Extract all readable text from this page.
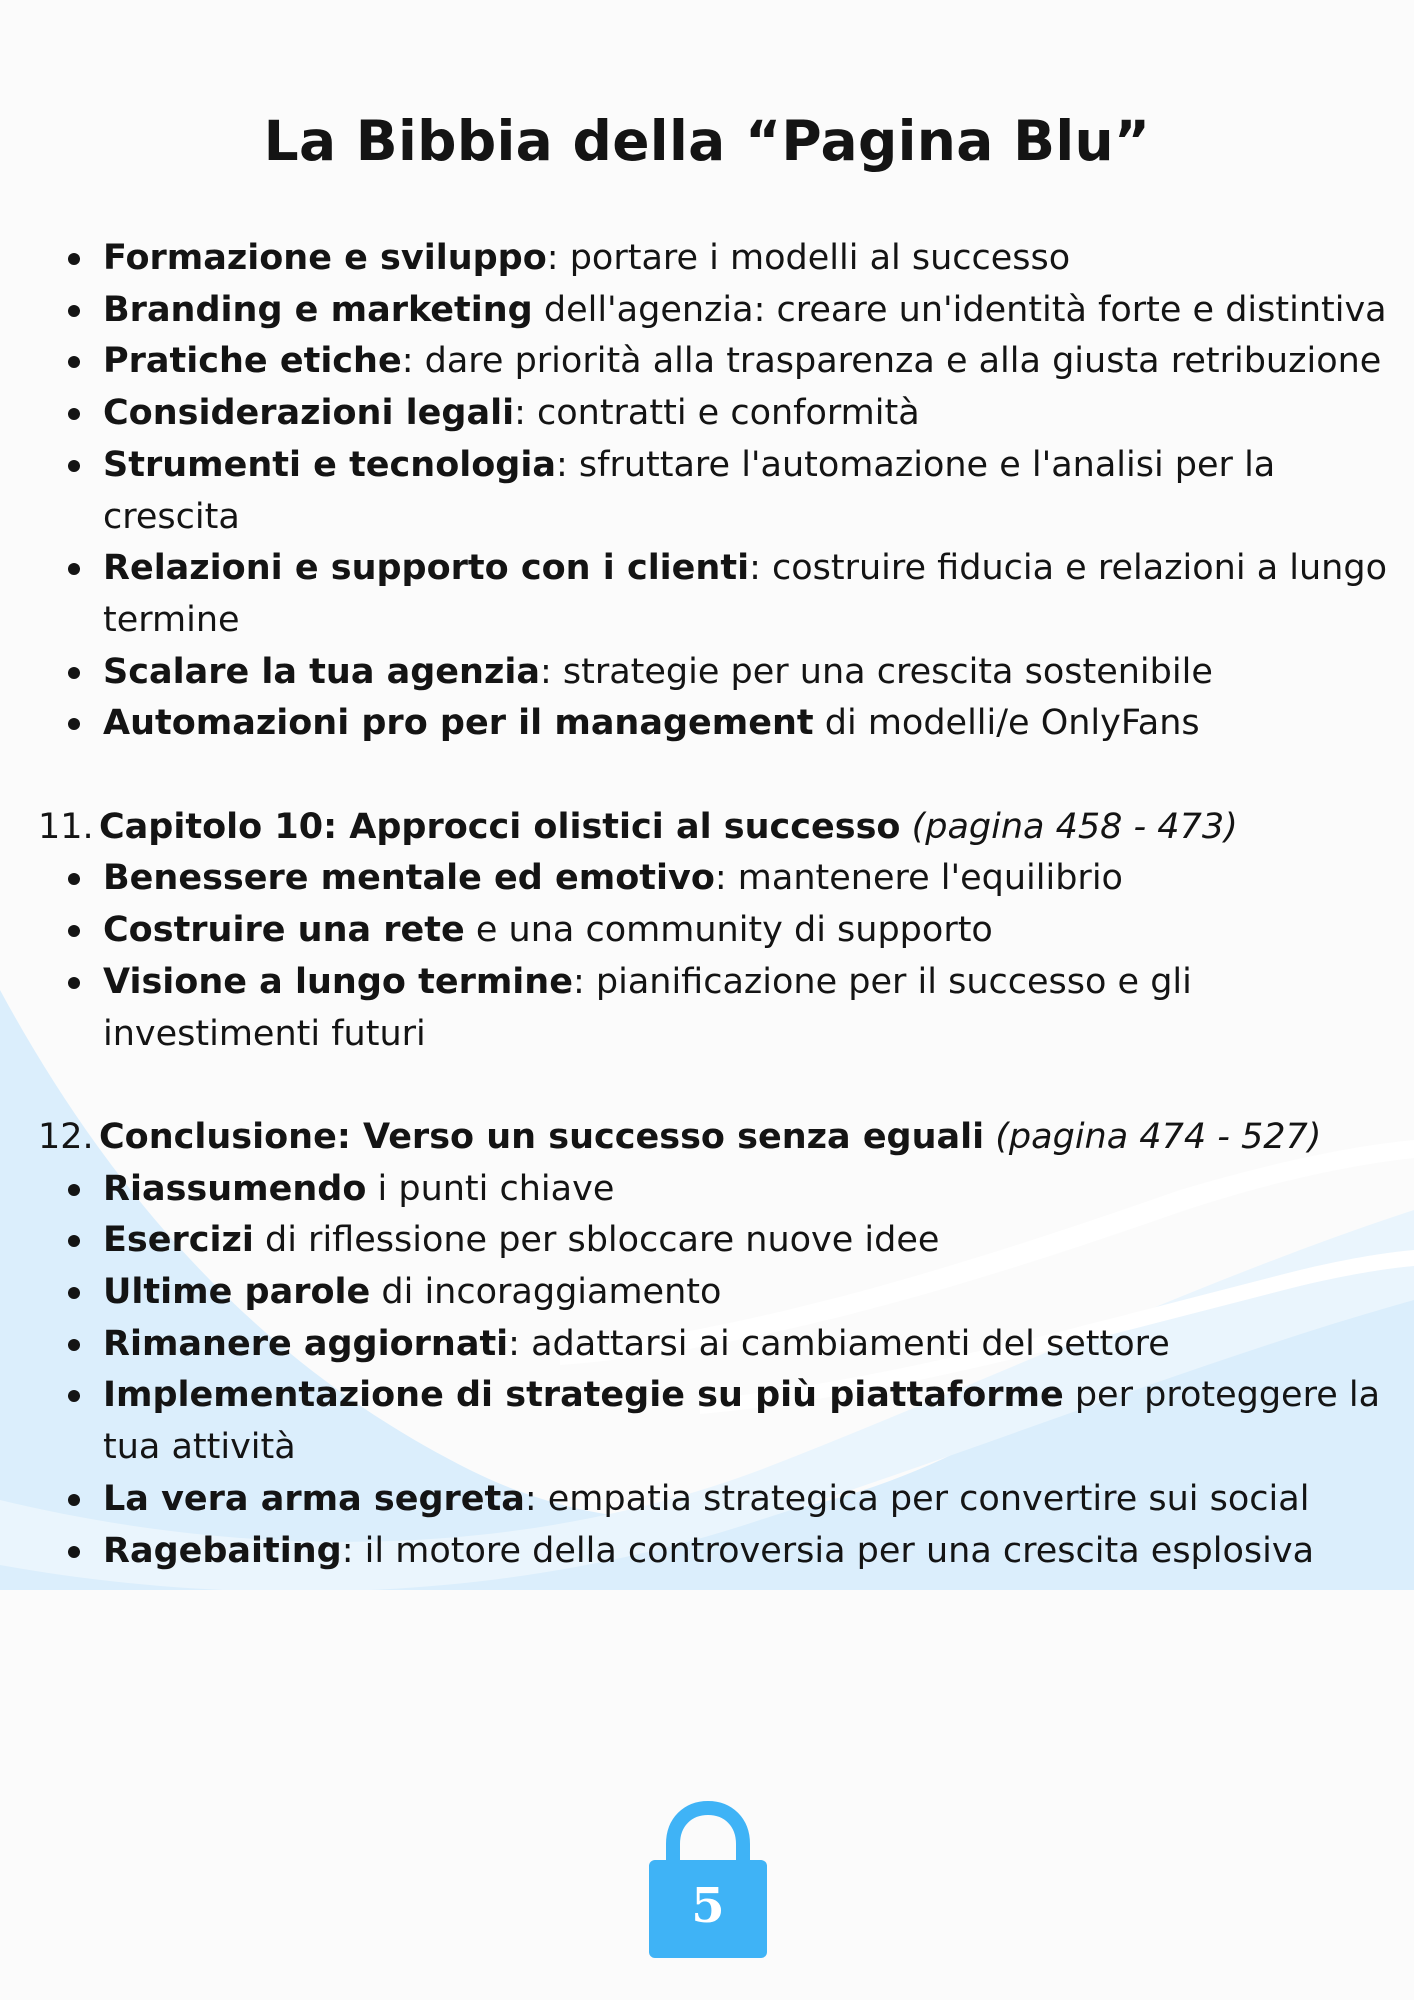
La Bibbia della “Pagina Blu”
Formazione e sviluppo: portare i modelli al successo
Branding e marketing dell'agenzia: creare un'identità forte e distintiva
Pratiche etiche: dare priorità alla trasparenza e alla giusta retribuzione
Considerazioni legali: contratti e conformità
Strumenti e tecnologia: sfruttare l'automazione e l'analisi per la crescita
Relazioni e supporto con i clienti: costruire fiducia e relazioni a lungo termine
Scalare la tua agenzia: strategie per una crescita sostenibile
Automazioni pro per il management di modelli/e OnlyFans

11. Capitolo 10: Approcci olistici al successo (pagina 458 - 473)

Benessere mentale ed emotivo: mantenere l'equilibrio
Costruire una rete e una community di supporto
Visione a lungo termine: pianificazione per il successo e gli investimenti futuri

12. Conclusione: Verso un successo senza eguali (pagina 474 - 527)

Riassumendo i punti chiave
Esercizi di riflessione per sbloccare nuove idee
Ultime parole di incoraggiamento
Rimanere aggiornati: adattarsi ai cambiamenti del settore
Implementazione di strategie su più piattaforme per proteggere la tua attività
La vera arma segreta: empatia strategica per convertire sui social
Ragebaiting: il motore della controversia per una crescita esplosiva
5
